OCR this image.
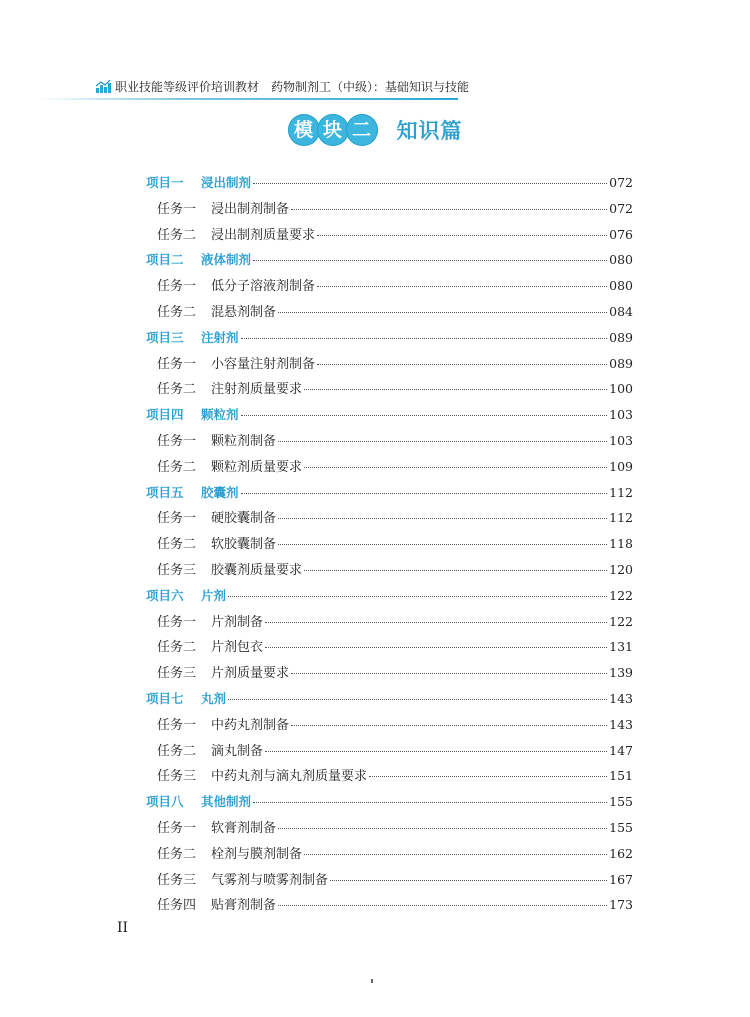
职业技能等级评价培训教材　药物制剂工（中级）：基础知识与技能
模 块 二 知识篇
项目一	浸出制剂	072
任务一	浸出制剂制备	072
任务二	浸出制剂质量要求	076
项目二	液体制剂	080
任务一	低分子溶液剂制备	080
任务二	混悬剂制备	084
项目三	注射剂	089
任务一	小容量注射剂制备	089
任务二	注射剂质量要求	100
项目四	颗粒剂	103
任务一	颗粒剂制备	103
任务二	颗粒剂质量要求	109
项目五	胶囊剂	112
任务一	硬胶囊制备	112
任务二	软胶囊制备	118
任务三	胶囊剂质量要求	120
项目六	片剂	122
任务一	片剂制备	122
任务二	片剂包衣	131
任务三	片剂质量要求	139
项目七	丸剂	143
任务一	中药丸剂制备	143
任务二	滴丸制备	147
任务三	中药丸剂与滴丸剂质量要求	151
项目八	其他制剂	155
任务一	软膏剂制备	155
任务二	栓剂与膜剂制备	162
任务三	气雾剂与喷雾剂制备	167
任务四	贴膏剂制备	173
II
